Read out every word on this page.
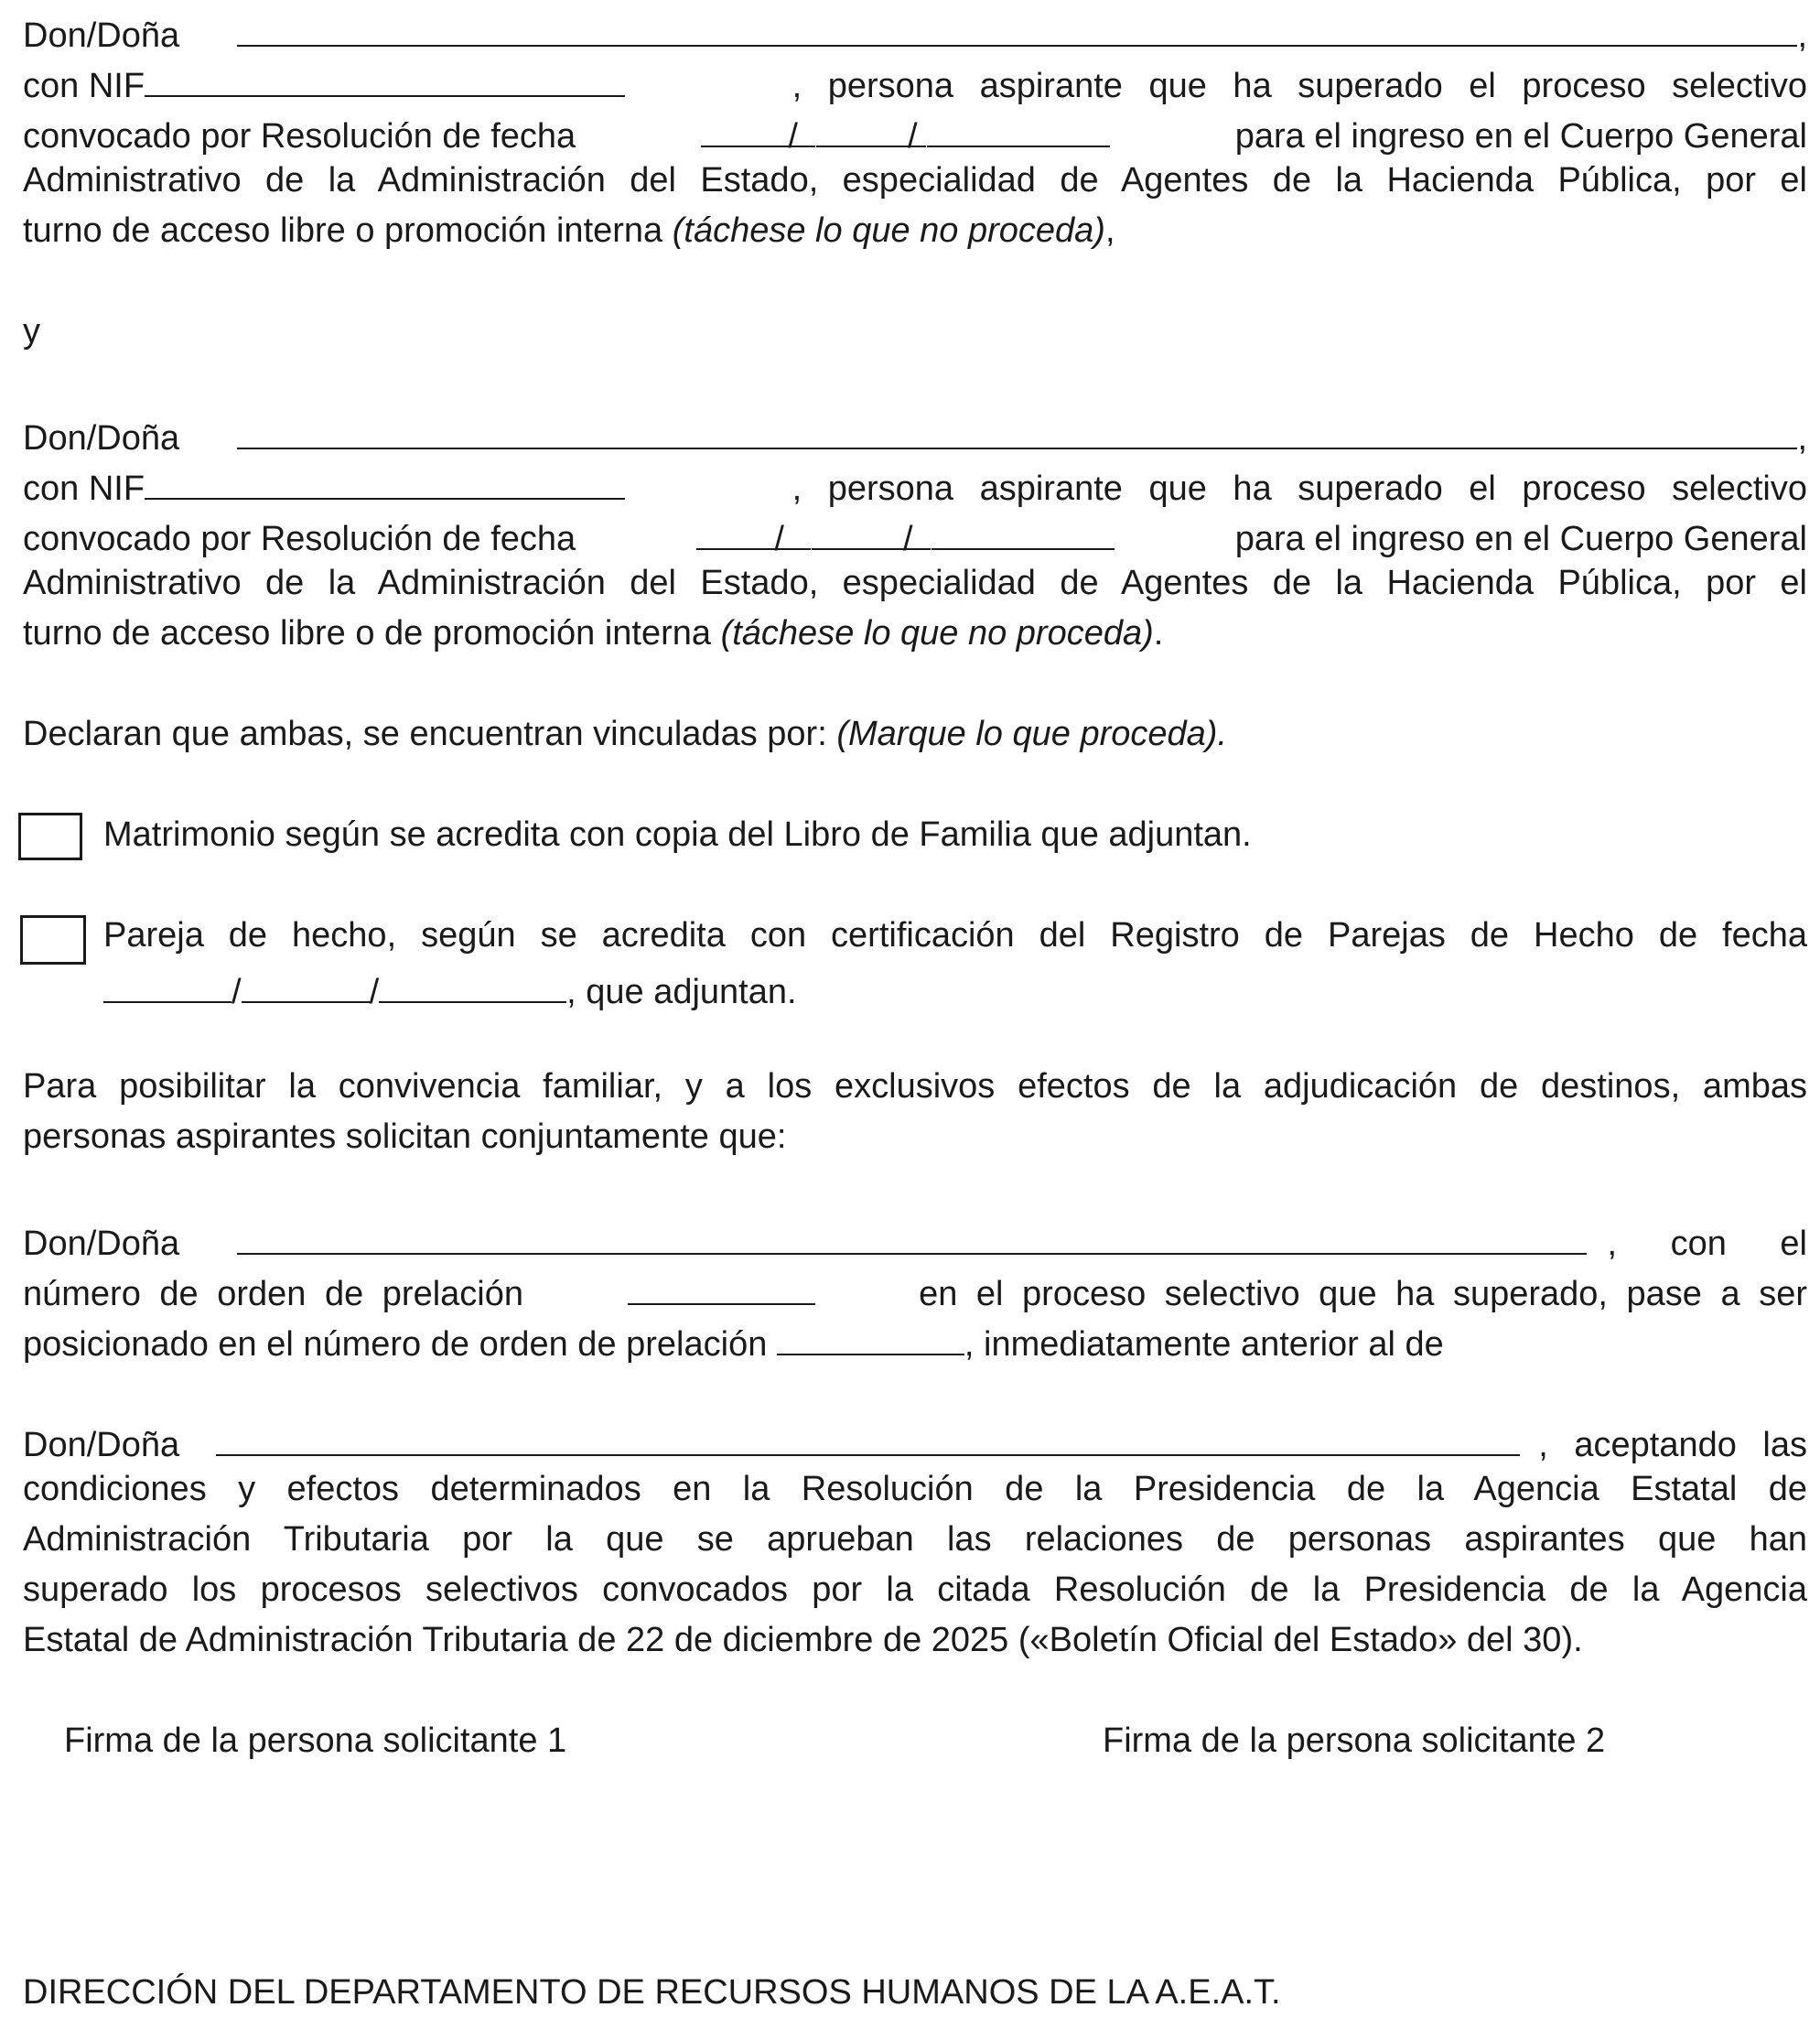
Don/Doña	,
con NIF	, persona aspirante que ha superado el proceso selectivo
convocado por Resolución de fecha	/	/	para el ingreso en el Cuerpo General
Administrativo de la Administración del Estado, especialidad de Agentes de la Hacienda Pública, por el
turno de acceso libre o promoción interna (táchese lo que no proceda),
y
Don/Doña	,
con NIF	, persona aspirante que ha superado el proceso selectivo
convocado por Resolución de fecha	/	/	para el ingreso en el Cuerpo General
Administrativo de la Administración del Estado, especialidad de Agentes de la Hacienda Pública, por el
turno de acceso libre o de promoción interna (táchese lo que no proceda).
Declaran que ambas, se encuentran vinculadas por: (Marque lo que proceda).
Matrimonio según se acredita con copia del Libro de Familia que adjuntan.
Pareja de hecho, según se acredita con certificación del Registro de Parejas de Hecho de fecha
/	/	, que adjuntan.
Para posibilitar la convivencia familiar, y a los exclusivos efectos de la adjudicación de destinos, ambas
personas aspirantes solicitan conjuntamente que:
Don/Doña	, con el
número de orden de prelación	en el proceso selectivo que ha superado, pase a ser
posicionado en el número de orden de prelación	, inmediatamente anterior al de
Don/Doña	, aceptando las
condiciones y efectos determinados en la Resolución de la Presidencia de la Agencia Estatal de
Administración Tributaria por la que se aprueban las relaciones de personas aspirantes que han
superado los procesos selectivos convocados por la citada Resolución de la Presidencia de la Agencia
Estatal de Administración Tributaria de 22 de diciembre de 2025 («Boletín Oficial del Estado» del 30).
Firma de la persona solicitante 1	Firma de la persona solicitante 2
DIRECCIÓN DEL DEPARTAMENTO DE RECURSOS HUMANOS DE LA A.E.A.T.
